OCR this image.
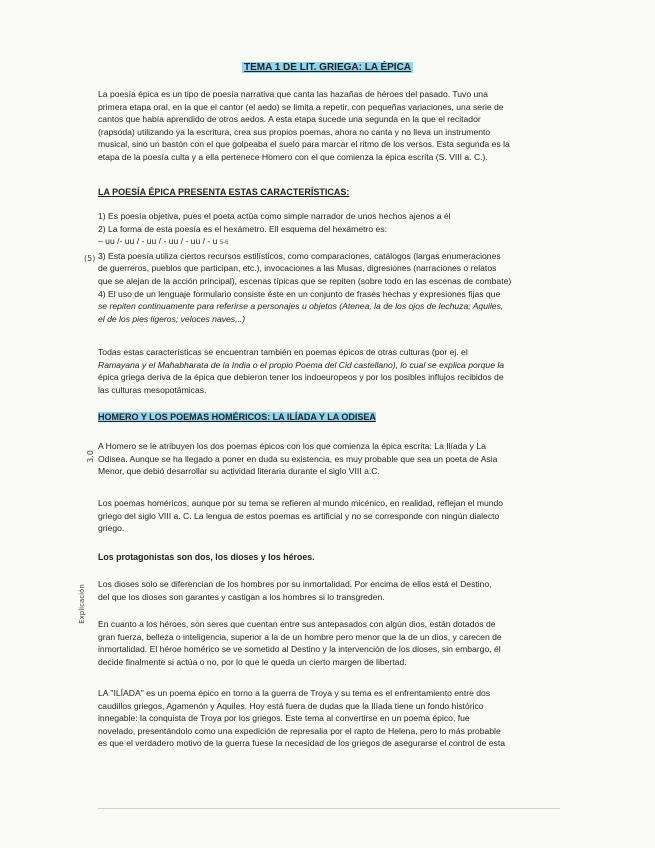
TEMA 1 DE LIT. GRIEGA: LA ÉPICA
La poesía épica es un tipo de poesía narrativa que canta las hazañas de héroes del pasado. Tuvo una
primera etapa oral, en la que el cantor (el aedo) se limita a repetir, con pequeñas variaciones, una serie de
cantos que había aprendido de otros aedos. A esta etapa sucede una segunda en la que el recitador
(rapsoda) utilizando ya la escritura, crea sus propios poemas, ahora no canta y no lleva un instrumento
musical, sino un bastón con el que golpeaba el suelo para marcar el ritmo de los versos. Esta segunda es la
etapa de la poesía culta y a ella pertenece Homero con el que comienza la épica escrita (S. VIII a. C.).
LA POESÍA ÉPICA PRESENTA ESTAS CARACTERÍSTICAS:
(5)
1) Es poesía objetiva, pues el poeta actúa como simple narrador de unos hechos ajenos a él
2) La forma de esta poesía es el hexámetro. Ell esquema del hexámetro es:
– uu /- uu / - uu / - uu / - uu / - u 5-6
3) Esta poesía utiliza ciertos recursos estilísticos, como comparaciones, catálogos (largas enumeraciones
de guerreros, pueblos que participan, etc.), invocaciones a las Musas, digresiones (narraciones o relatos
que se alejan de la acción principal), escenas típicas que se repiten (sobre todo en las escenas de combate)
4) El uso de un lenguaje formulario consiste éste en un conjunto de frases hechas y expresiones fijas que
se repiten continuamente para referirse a personajes u objetos (Atenea, la de los ojos de lechuza; Aquiles,
el de los pies ligeros; veloces naves,..)
Todas estas características se encuentran también en poemas épicos de otras culturas (por ej. el
Ramayana y el Mahabharata de la India o el propio Poema del Cid castellano), lo cual se explica porque la
épica griega deriva de la épica que debieron tener los indoeuropeos y por los posibles influjos recibidos de
las culturas mesopotámicas.
HOMERO Y LOS POEMAS HOMÉRICOS: LA ILÍADA Y LA ODISEA
3.0
A Homero se le atribuyen los dos poemas épicos con los que comienza la épica escrita: La Ilíada y La
Odisea. Aunque se ha llegado a poner en duda su existencia, es muy probable que sea un poeta de Asia
Menor, que debió desarrollar su actividad literaria durante el siglo VIII a.C.
Los poemas homéricos, aunque por su tema se refieren al mundo micénico, en realidad, reflejan el mundo
griego del siglo VIII a. C. La lengua de estos poemas es artificial y no se corresponde con ningún dialecto
griego.
Los protagonistas son dos, los dioses y los héroes.
Explicación
Los dioses solo se diferencian de los hombres por su inmortalidad. Por encima de ellos está el Destino,
del que los dioses son garantes y castigan a los hombres si lo transgreden.
En cuanto a los héroes, son seres que cuentan entre sus antepasados con algún dios, están dotados de
gran fuerza, belleza o inteligencia, superior a la de un hombre pero menor que la de un dios, y carecen de
inmortalidad. El héroe homérico se ve sometido al Destino y la intervención de los dioses, sin embargo, él
decide finalmente si actúa o no, por lo que le queda un cierto margen de libertad.
LA "ILÍADA" es un poema épico en torno a la guerra de Troya y su tema es el enfrentamiento entre dos
caudillos griegos, Agamenón y Aquiles. Hoy está fuera de dudas que la Ilíada tiene un fondo histórico
innegable: la conquista de Troya por los griegos. Este tema al convertirse en un poema épico, fue
novelado, presentándolo como una expedición de represalia por el rapto de Helena, pero lo más probable
es que el verdadero motivo de la guerra fuese la necesidad de los griegos de asegurarse el control de esta
